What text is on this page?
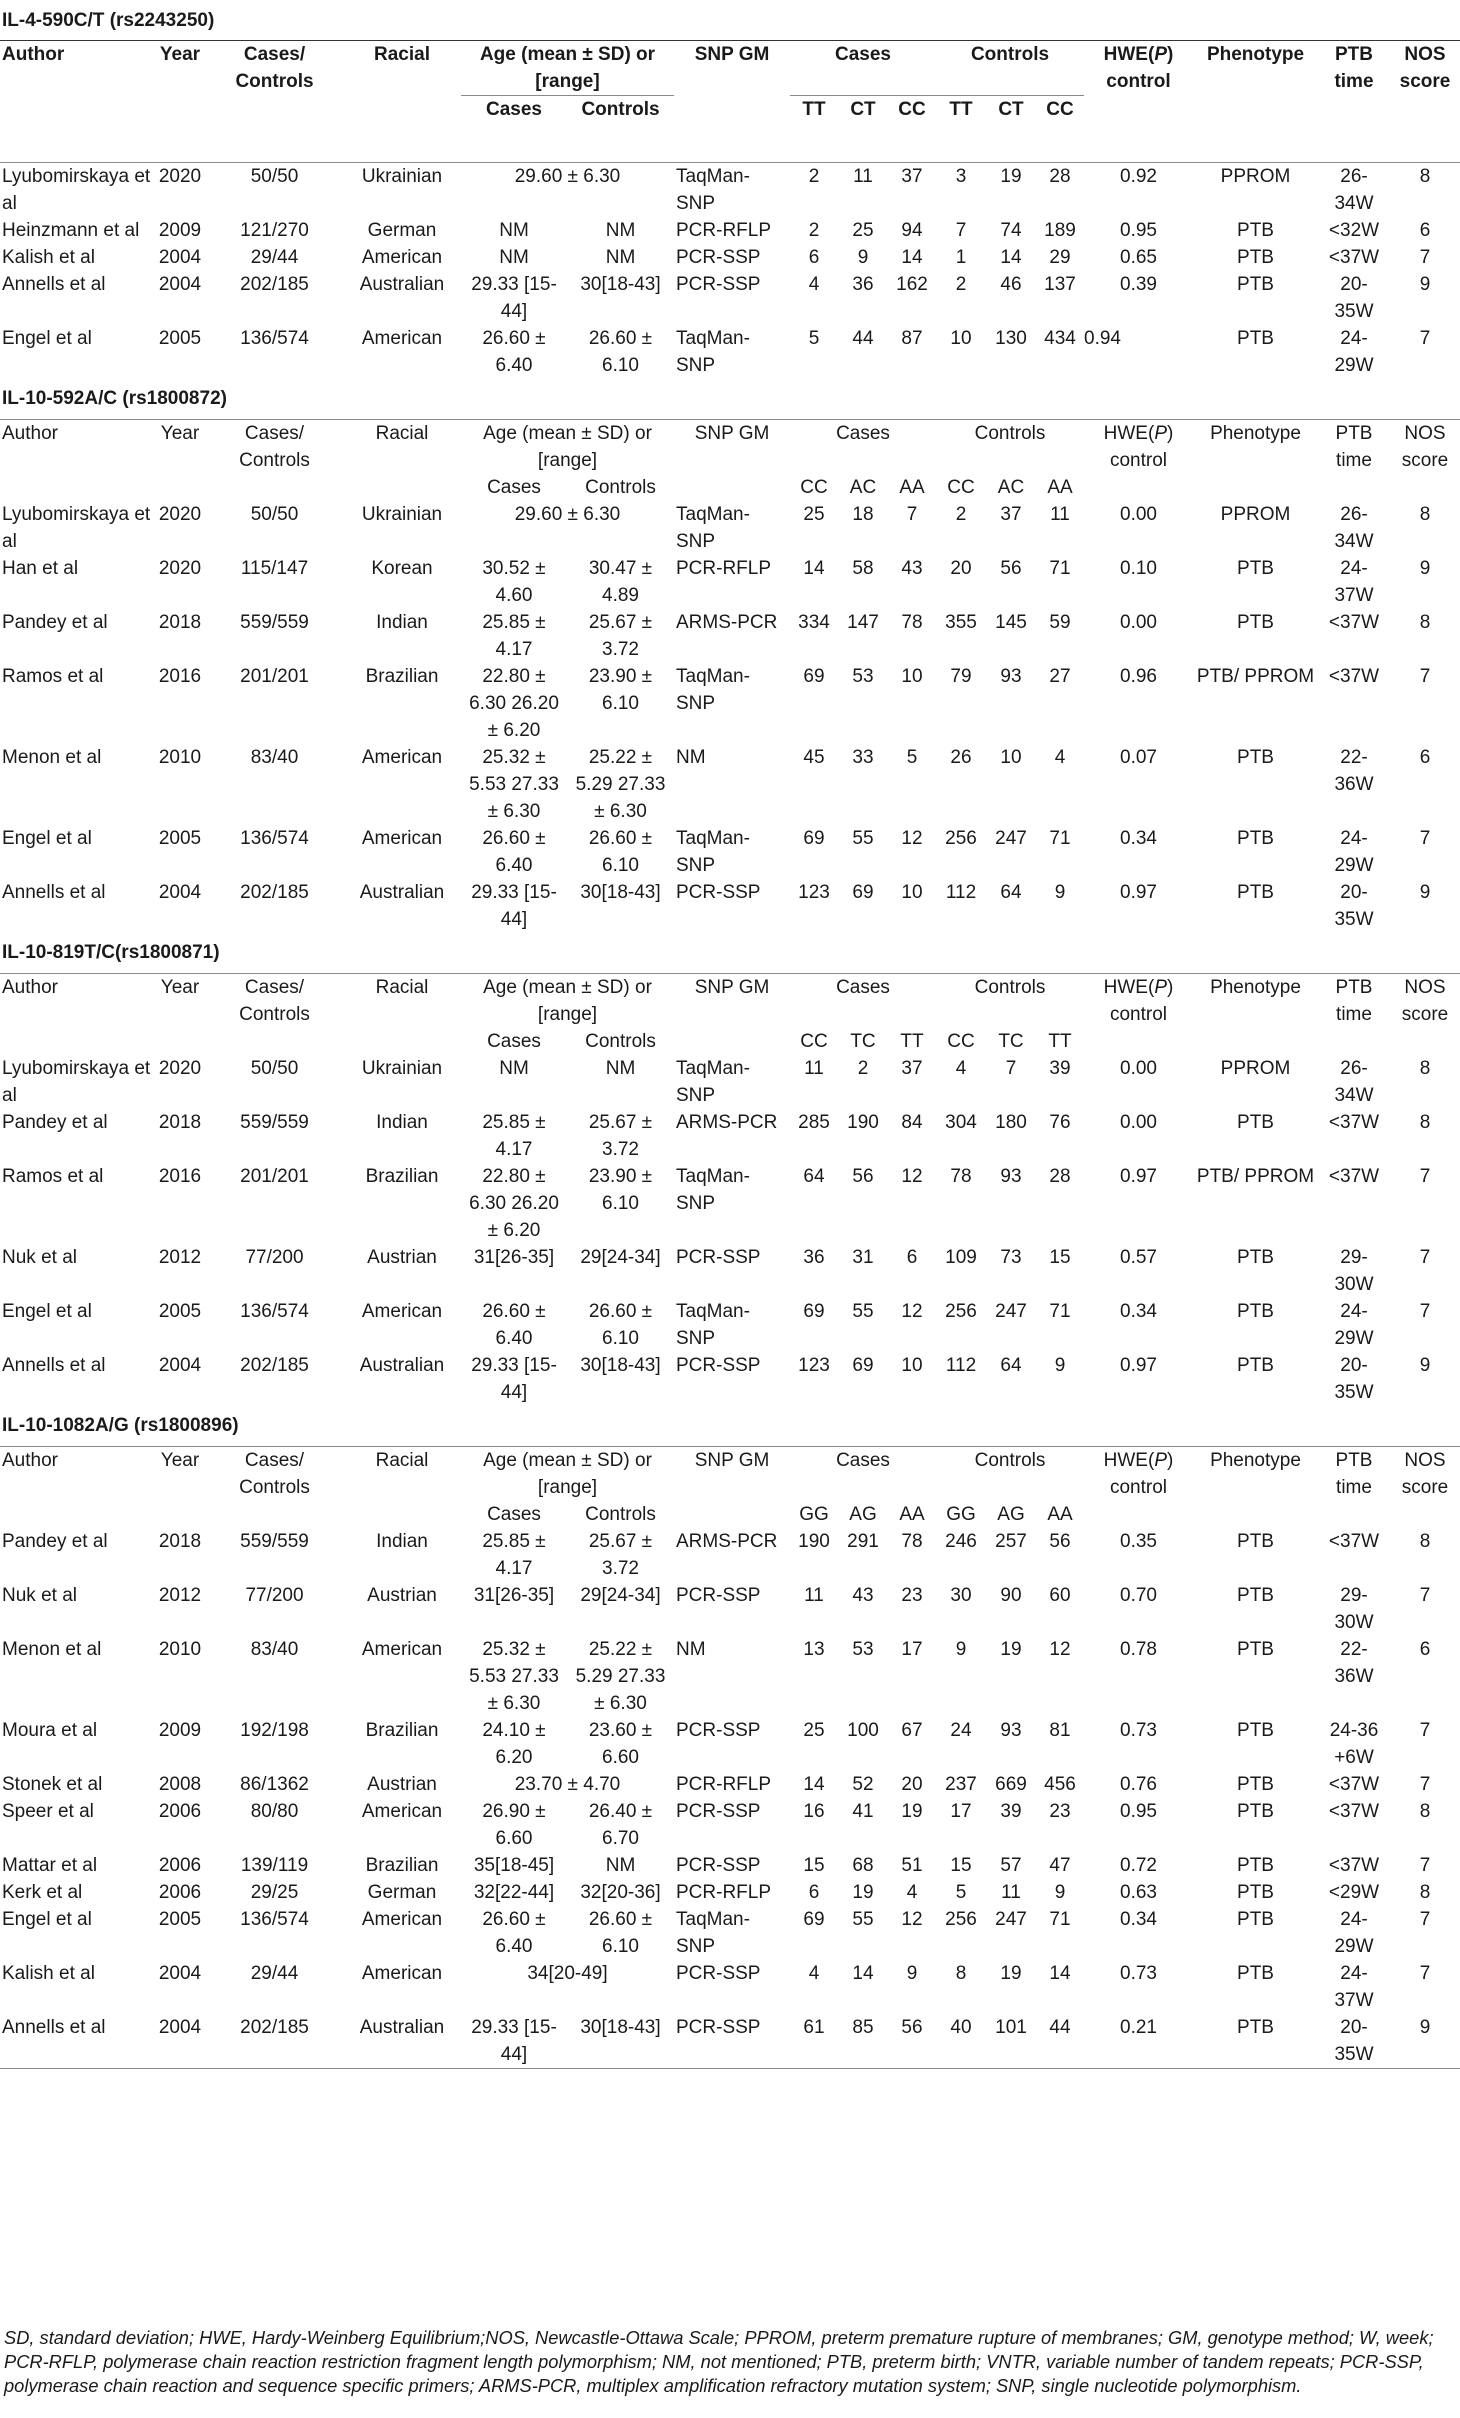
IL-4-590C/T (rs2243250)																
Author	Year	Cases/ Controls	Racial	Age (mean ± SD) or [range]		SNP GM	Cases			Controls			HWE(P) control	Phenotype	PTB time	NOS score
				Cases	Controls		TT	CT	CC	TT	CT	CC				

Lyubomirskaya et al	2020	50/50	Ukrainian	29.60 ± 6.30		TaqMan-SNP	2	11	37	3	19	28	0.92	PPROM	26-34W	8
Heinzmann et al	2009	121/270	German	NM	NM	PCR-RFLP	2	25	94	7	74	189	0.95	PTB	<32W	6
Kalish et al	2004	29/44	American	NM	NM	PCR-SSP	6	9	14	1	14	29	0.65	PTB	<37W	7
Annells et al	2004	202/185	Australian	29.33 [15-44]	30[18-43]	PCR-SSP	4	36	162	2	46	137	0.39	PTB	20-35W	9
Engel et al	2005	136/574	American	26.60 ± 6.40	26.60 ± 6.10	TaqMan-SNP	5	44	87	10	130	434	0.94	PTB	24-29W	7
IL-10-592A/C (rs1800872)																
Author	Year	Cases/ Controls	Racial	Age (mean ± SD) or [range]		SNP GM	Cases			Controls			HWE(P) control	Phenotype	PTB time	NOS score
				Cases	Controls		CC	AC	AA	CC	AC	AA				
Lyubomirskaya et al	2020	50/50	Ukrainian	29.60 ± 6.30		TaqMan-SNP	25	18	7	2	37	11	0.00	PPROM	26-34W	8
Han et al	2020	115/147	Korean	30.52 ± 4.60	30.47 ± 4.89	PCR-RFLP	14	58	43	20	56	71	0.10	PTB	24-37W	9
Pandey et al	2018	559/559	Indian	25.85 ± 4.17	25.67 ± 3.72	ARMS-PCR	334	147	78	355	145	59	0.00	PTB	<37W	8
Ramos et al	2016	201/201	Brazilian	22.80 ± 6.30 26.20 ± 6.20	23.90 ± 6.10	TaqMan-SNP	69	53	10	79	93	27	0.96	PTB/ PPROM	<37W	7
Menon et al	2010	83/40	American	25.32 ± 5.53 27.33 ± 6.30	25.22 ± 5.29 27.33 ± 6.30	NM	45	33	5	26	10	4	0.07	PTB	22-36W	6
Engel et al	2005	136/574	American	26.60 ± 6.40	26.60 ± 6.10	TaqMan-SNP	69	55	12	256	247	71	0.34	PTB	24-29W	7
Annells et al	2004	202/185	Australian	29.33 [15-44]	30[18-43]	PCR-SSP	123	69	10	112	64	9	0.97	PTB	20-35W	9
IL-10-819T/C(rs1800871)																
Author	Year	Cases/ Controls	Racial	Age (mean ± SD) or [range]		SNP GM	Cases			Controls			HWE(P) control	Phenotype	PTB time	NOS score
				Cases	Controls		CC	TC	TT	CC	TC	TT				
Lyubomirskaya et al	2020	50/50	Ukrainian	NM	NM	TaqMan-SNP	11	2	37	4	7	39	0.00	PPROM	26-34W	8
Pandey et al	2018	559/559	Indian	25.85 ± 4.17	25.67 ± 3.72	ARMS-PCR	285	190	84	304	180	76	0.00	PTB	<37W	8
Ramos et al	2016	201/201	Brazilian	22.80 ± 6.30 26.20 ± 6.20	23.90 ± 6.10	TaqMan-SNP	64	56	12	78	93	28	0.97	PTB/ PPROM	<37W	7
Nuk et al	2012	77/200	Austrian	31[26-35]	29[24-34]	PCR-SSP	36	31	6	109	73	15	0.57	PTB	29-30W	7
Engel et al	2005	136/574	American	26.60 ± 6.40	26.60 ± 6.10	TaqMan-SNP	69	55	12	256	247	71	0.34	PTB	24-29W	7
Annells et al	2004	202/185	Australian	29.33 [15-44]	30[18-43]	PCR-SSP	123	69	10	112	64	9	0.97	PTB	20-35W	9
IL-10-1082A/G (rs1800896)																
Author	Year	Cases/ Controls	Racial	Age (mean ± SD) or [range]		SNP GM	Cases			Controls			HWE(P) control	Phenotype	PTB time	NOS score
				Cases	Controls		GG	AG	AA	GG	AG	AA				
Pandey et al	2018	559/559	Indian	25.85 ± 4.17	25.67 ± 3.72	ARMS-PCR	190	291	78	246	257	56	0.35	PTB	<37W	8
Nuk et al	2012	77/200	Austrian	31[26-35]	29[24-34]	PCR-SSP	11	43	23	30	90	60	0.70	PTB	29-30W	7
Menon et al	2010	83/40	American	25.32 ± 5.53 27.33 ± 6.30	25.22 ± 5.29 27.33 ± 6.30	NM	13	53	17	9	19	12	0.78	PTB	22-36W	6
Moura et al	2009	192/198	Brazilian	24.10 ± 6.20	23.60 ± 6.60	PCR-SSP	25	100	67	24	93	81	0.73	PTB	24-36 +6W	7
Stonek et al	2008	86/1362	Austrian	23.70 ± 4.70		PCR-RFLP	14	52	20	237	669	456	0.76	PTB	<37W	7
Speer et al	2006	80/80	American	26.90 ± 6.60	26.40 ± 6.70	PCR-SSP	16	41	19	17	39	23	0.95	PTB	<37W	8
Mattar et al	2006	139/119	Brazilian	35[18-45]	NM	PCR-SSP	15	68	51	15	57	47	0.72	PTB	<37W	7
Kerk et al	2006	29/25	German	32[22-44]	32[20-36]	PCR-RFLP	6	19	4	5	11	9	0.63	PTB	<29W	8
Engel et al	2005	136/574	American	26.60 ± 6.40	26.60 ± 6.10	TaqMan-SNP	69	55	12	256	247	71	0.34	PTB	24-29W	7
Kalish et al	2004	29/44	American	34[20-49]		PCR-SSP	4	14	9	8	19	14	0.73	PTB	24-37W	7
Annells et al	2004	202/185	Australian	29.33 [15-44]	30[18-43]	PCR-SSP	61	85	56	40	101	44	0.21	PTB	20-35W	9
SD, standard deviation; HWE, Hardy-Weinberg Equilibrium;NOS, Newcastle-Ottawa Scale; PPROM, preterm premature rupture of membranes; GM, genotype method; W, week; PCR-RFLP, polymerase chain reaction restriction fragment length polymorphism; NM, not mentioned; PTB, preterm birth; VNTR, variable number of tandem repeats; PCR-SSP, polymerase chain reaction and sequence specific primers; ARMS-PCR, multiplex amplification refractory mutation system; SNP, single nucleotide polymorphism.
